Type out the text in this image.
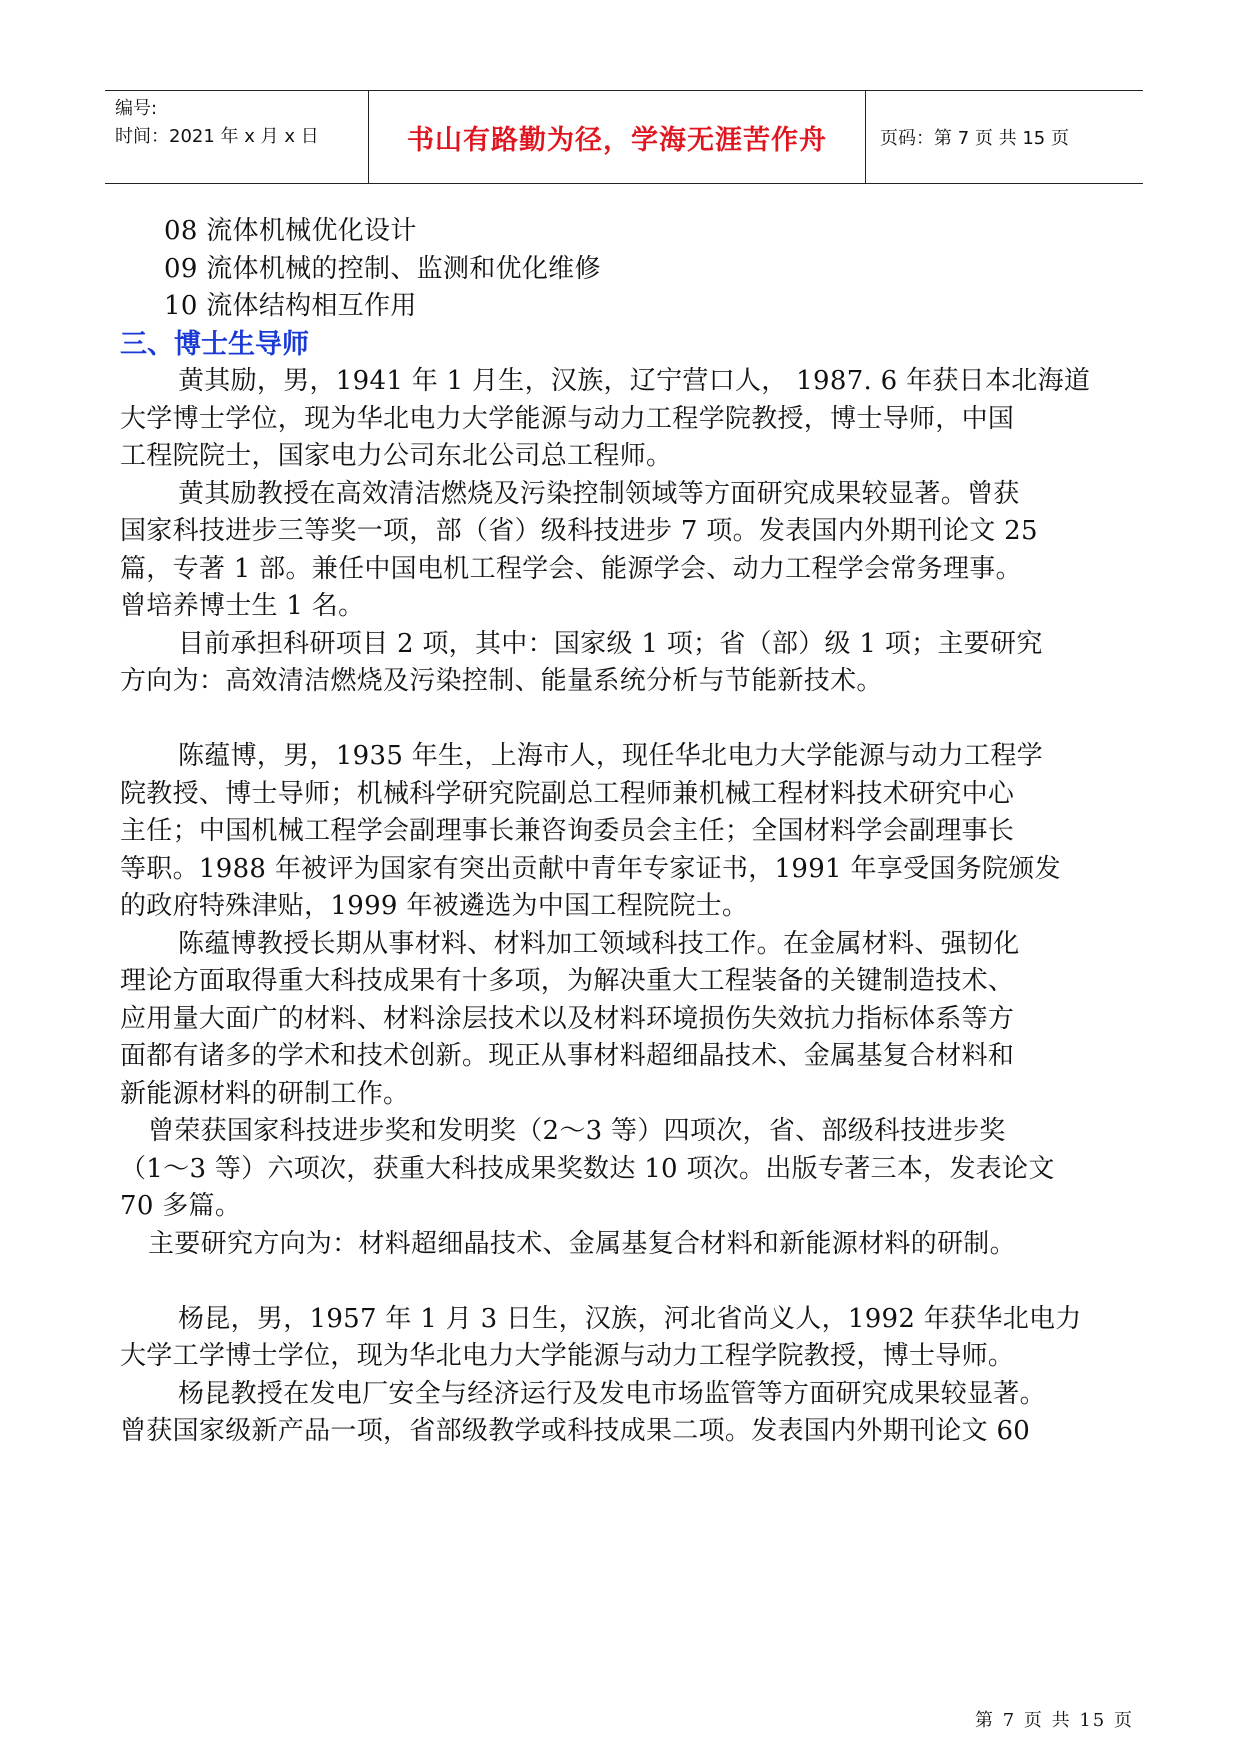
编号:
时间：2021 年 x 月 x 日	书山有路勤为径，学海无涯苦作舟	页码：第 7 页 共 15 页
08 流体机械优化设计
09 流体机械的控制、监测和优化维修
10 流体结构相互作用
三、博士生导师
黄其励，男，1941 年 1 月生，汉族，辽宁营口人， 1987. 6 年获日本北海道
大学博士学位，现为华北电力大学能源与动力工程学院教授，博士导师，中国
工程院院士，国家电力公司东北公司总工程师。
黄其励教授在高效清洁燃烧及污染控制领域等方面研究成果较显著。曾获
国家科技进步三等奖一项，部（省）级科技进步 7 项。发表国内外期刊论文 25
篇，专著 1 部。兼任中国电机工程学会、能源学会、动力工程学会常务理事。
曾培养博士生 1 名。
目前承担科研项目 2 项，其中：国家级 1 项；省（部）级 1 项；主要研究
方向为：高效清洁燃烧及污染控制、能量系统分析与节能新技术。
陈蕴博，男，1935 年生，上海市人，现任华北电力大学能源与动力工程学
院教授、博士导师；机械科学研究院副总工程师兼机械工程材料技术研究中心
主任；中国机械工程学会副理事长兼咨询委员会主任；全国材料学会副理事长
等职。1988 年被评为国家有突出贡献中青年专家证书，1991 年享受国务院颁发
的政府特殊津贴，1999 年被遴选为中国工程院院士。
陈蕴博教授长期从事材料、材料加工领域科技工作。在金属材料、强韧化
理论方面取得重大科技成果有十多项，为解决重大工程装备的关键制造技术、
应用量大面广的材料、材料涂层技术以及材料环境损伤失效抗力指标体系等方
面都有诸多的学术和技术创新。现正从事材料超细晶技术、金属基复合材料和
新能源材料的研制工作。
曾荣获国家科技进步奖和发明奖（2～3 等）四项次，省、部级科技进步奖
（1～3 等）六项次，获重大科技成果奖数达 10 项次。出版专著三本，发表论文
70 多篇。
主要研究方向为：材料超细晶技术、金属基复合材料和新能源材料的研制。
杨昆，男，1957 年 1 月 3 日生，汉族，河北省尚义人，1992 年获华北电力
大学工学博士学位，现为华北电力大学能源与动力工程学院教授，博士导师。
杨昆教授在发电厂安全与经济运行及发电市场监管等方面研究成果较显著。
曾获国家级新产品一项，省部级教学或科技成果二项。发表国内外期刊论文 60
第 7 页 共 15 页
